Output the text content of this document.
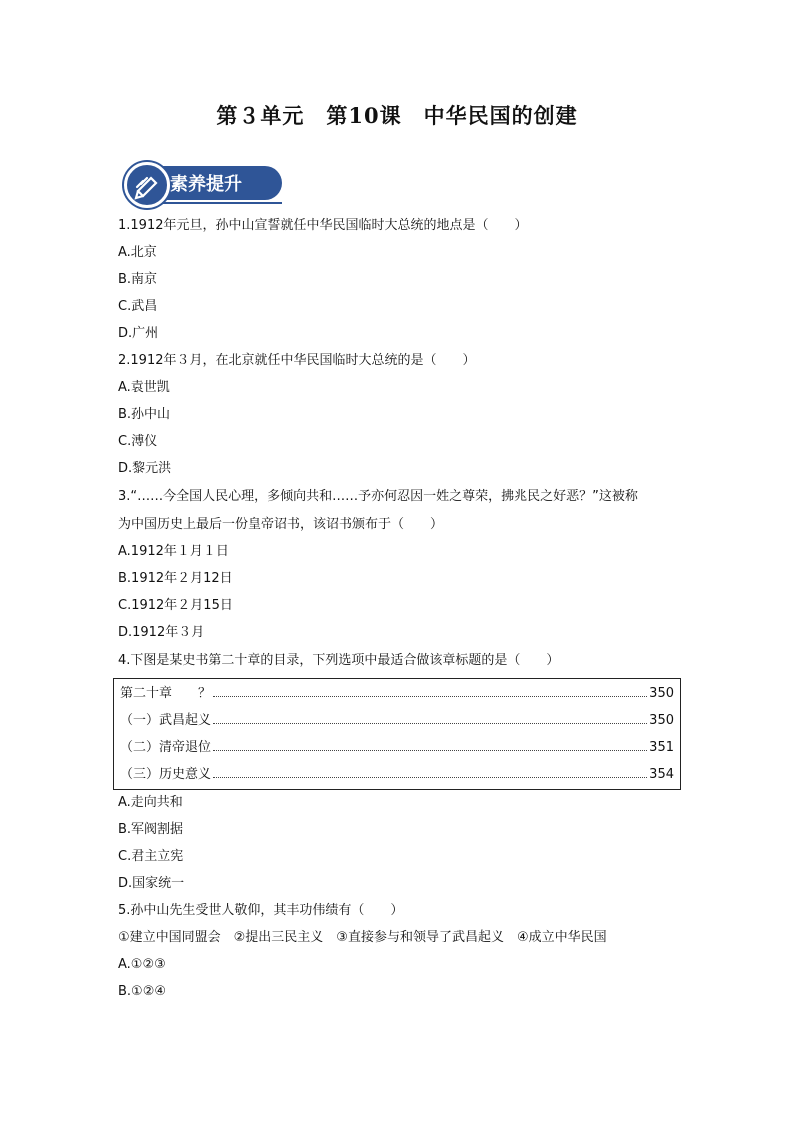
第３单元　第10课　中华民国的创建
素养提升
1.1912年元旦，孙中山宣誓就任中华民国临时大总统的地点是（　　）
A.北京
B.南京
C.武昌
D.广州
2.1912年３月，在北京就任中华民国临时大总统的是（　　）
A.袁世凯
B.孙中山
C.溥仪
D.黎元洪
3.“……今全国人民心理，多倾向共和……予亦何忍因一姓之尊荣，拂兆民之好恶？”这被称
为中国历史上最后一份皇帝诏书，该诏书颁布于（　　）
A.1912年１月１日
B.1912年２月12日
C.1912年２月15日
D.1912年３月
4.下图是某史书第二十章的目录，下列选项中最适合做该章标题的是（　　）
第二十章　　？	350
（一）武昌起义	350
（二）清帝退位	351
（三）历史意义	354
A.走向共和
B.军阀割据
C.君主立宪
D.国家统一
5.孙中山先生受世人敬仰，其丰功伟绩有（　　）
①建立中国同盟会　②提出三民主义　③直接参与和领导了武昌起义　④成立中华民国
A.①②③
B.①②④
